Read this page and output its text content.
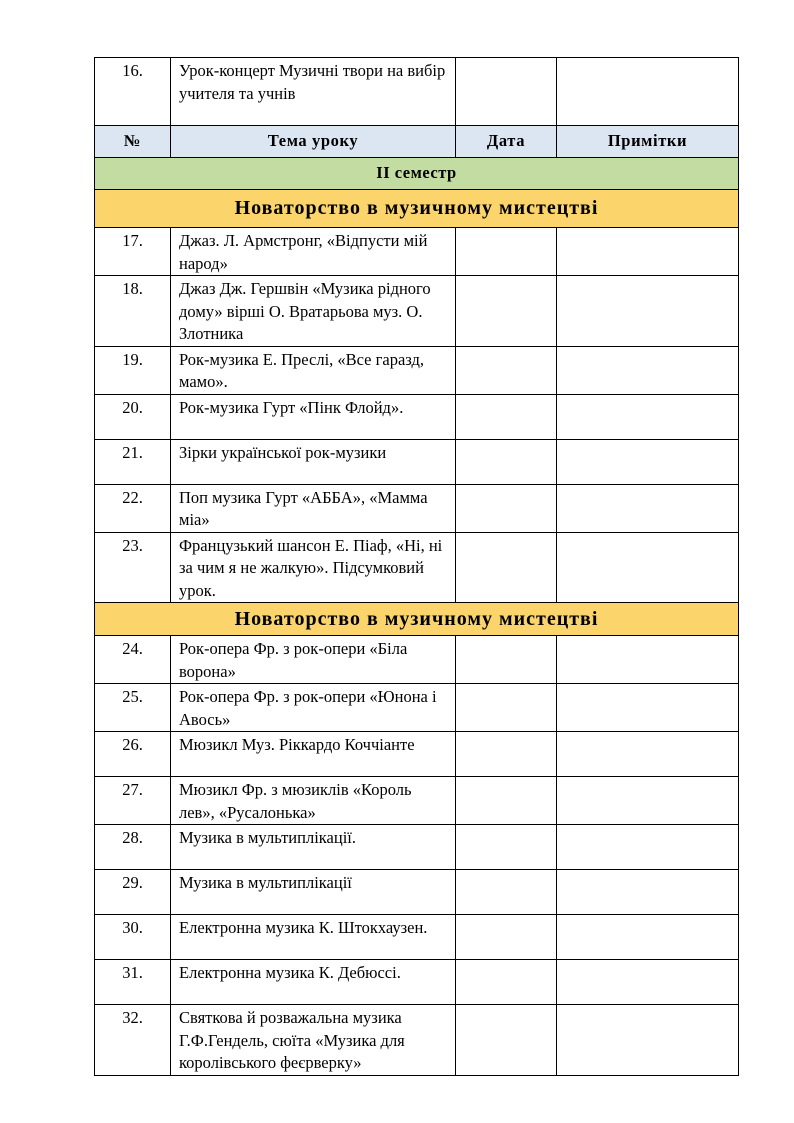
16.	Урок-концерт Музичні твори на вибір учителя та учнів		
№	Тема уроку	Дата	Примітки
II семестр			
Новаторство в музичному мистецтві			
17.	Джаз. Л. Армстронг, «Відпусти мій народ»		
18.	Джаз Дж. Гершвін «Музика рідного дому» вірші О. Вратарьова муз. О. Злотника		
19.	Рок-музика Е. Преслі, «Все гаразд, мамо».		
20.	Рок-музика Гурт «Пінк Флойд».		
21.	Зірки української рок-музики		
22.	Поп музика Гурт «АББА», «Мамма міа»		
23.	Французький шансон Е. Піаф, «Ні, ні за чим я не жалкую». Підсумковий урок.		
Новаторство в музичному мистецтві			
24.	Рок-опера Фр. з рок-опери «Біла ворона»		
25.	Рок-опера Фр. з рок-опери «Юнона і Авось»		
26.	Мюзикл Муз. Ріккардо Коччіанте		
27.	Мюзикл Фр. з мюзиклів «Король лев», «Русалонька»		
28.	Музика в мультиплікації.		
29.	Музика в мультиплікації		
30.	Електронна музика К. Штокхаузен.		
31.	Електронна музика К. Дебюссі.		
32.	Святкова й розважальна музика Г.Ф.Гендель, сюїта «Музика для королівського феєрверку»		
